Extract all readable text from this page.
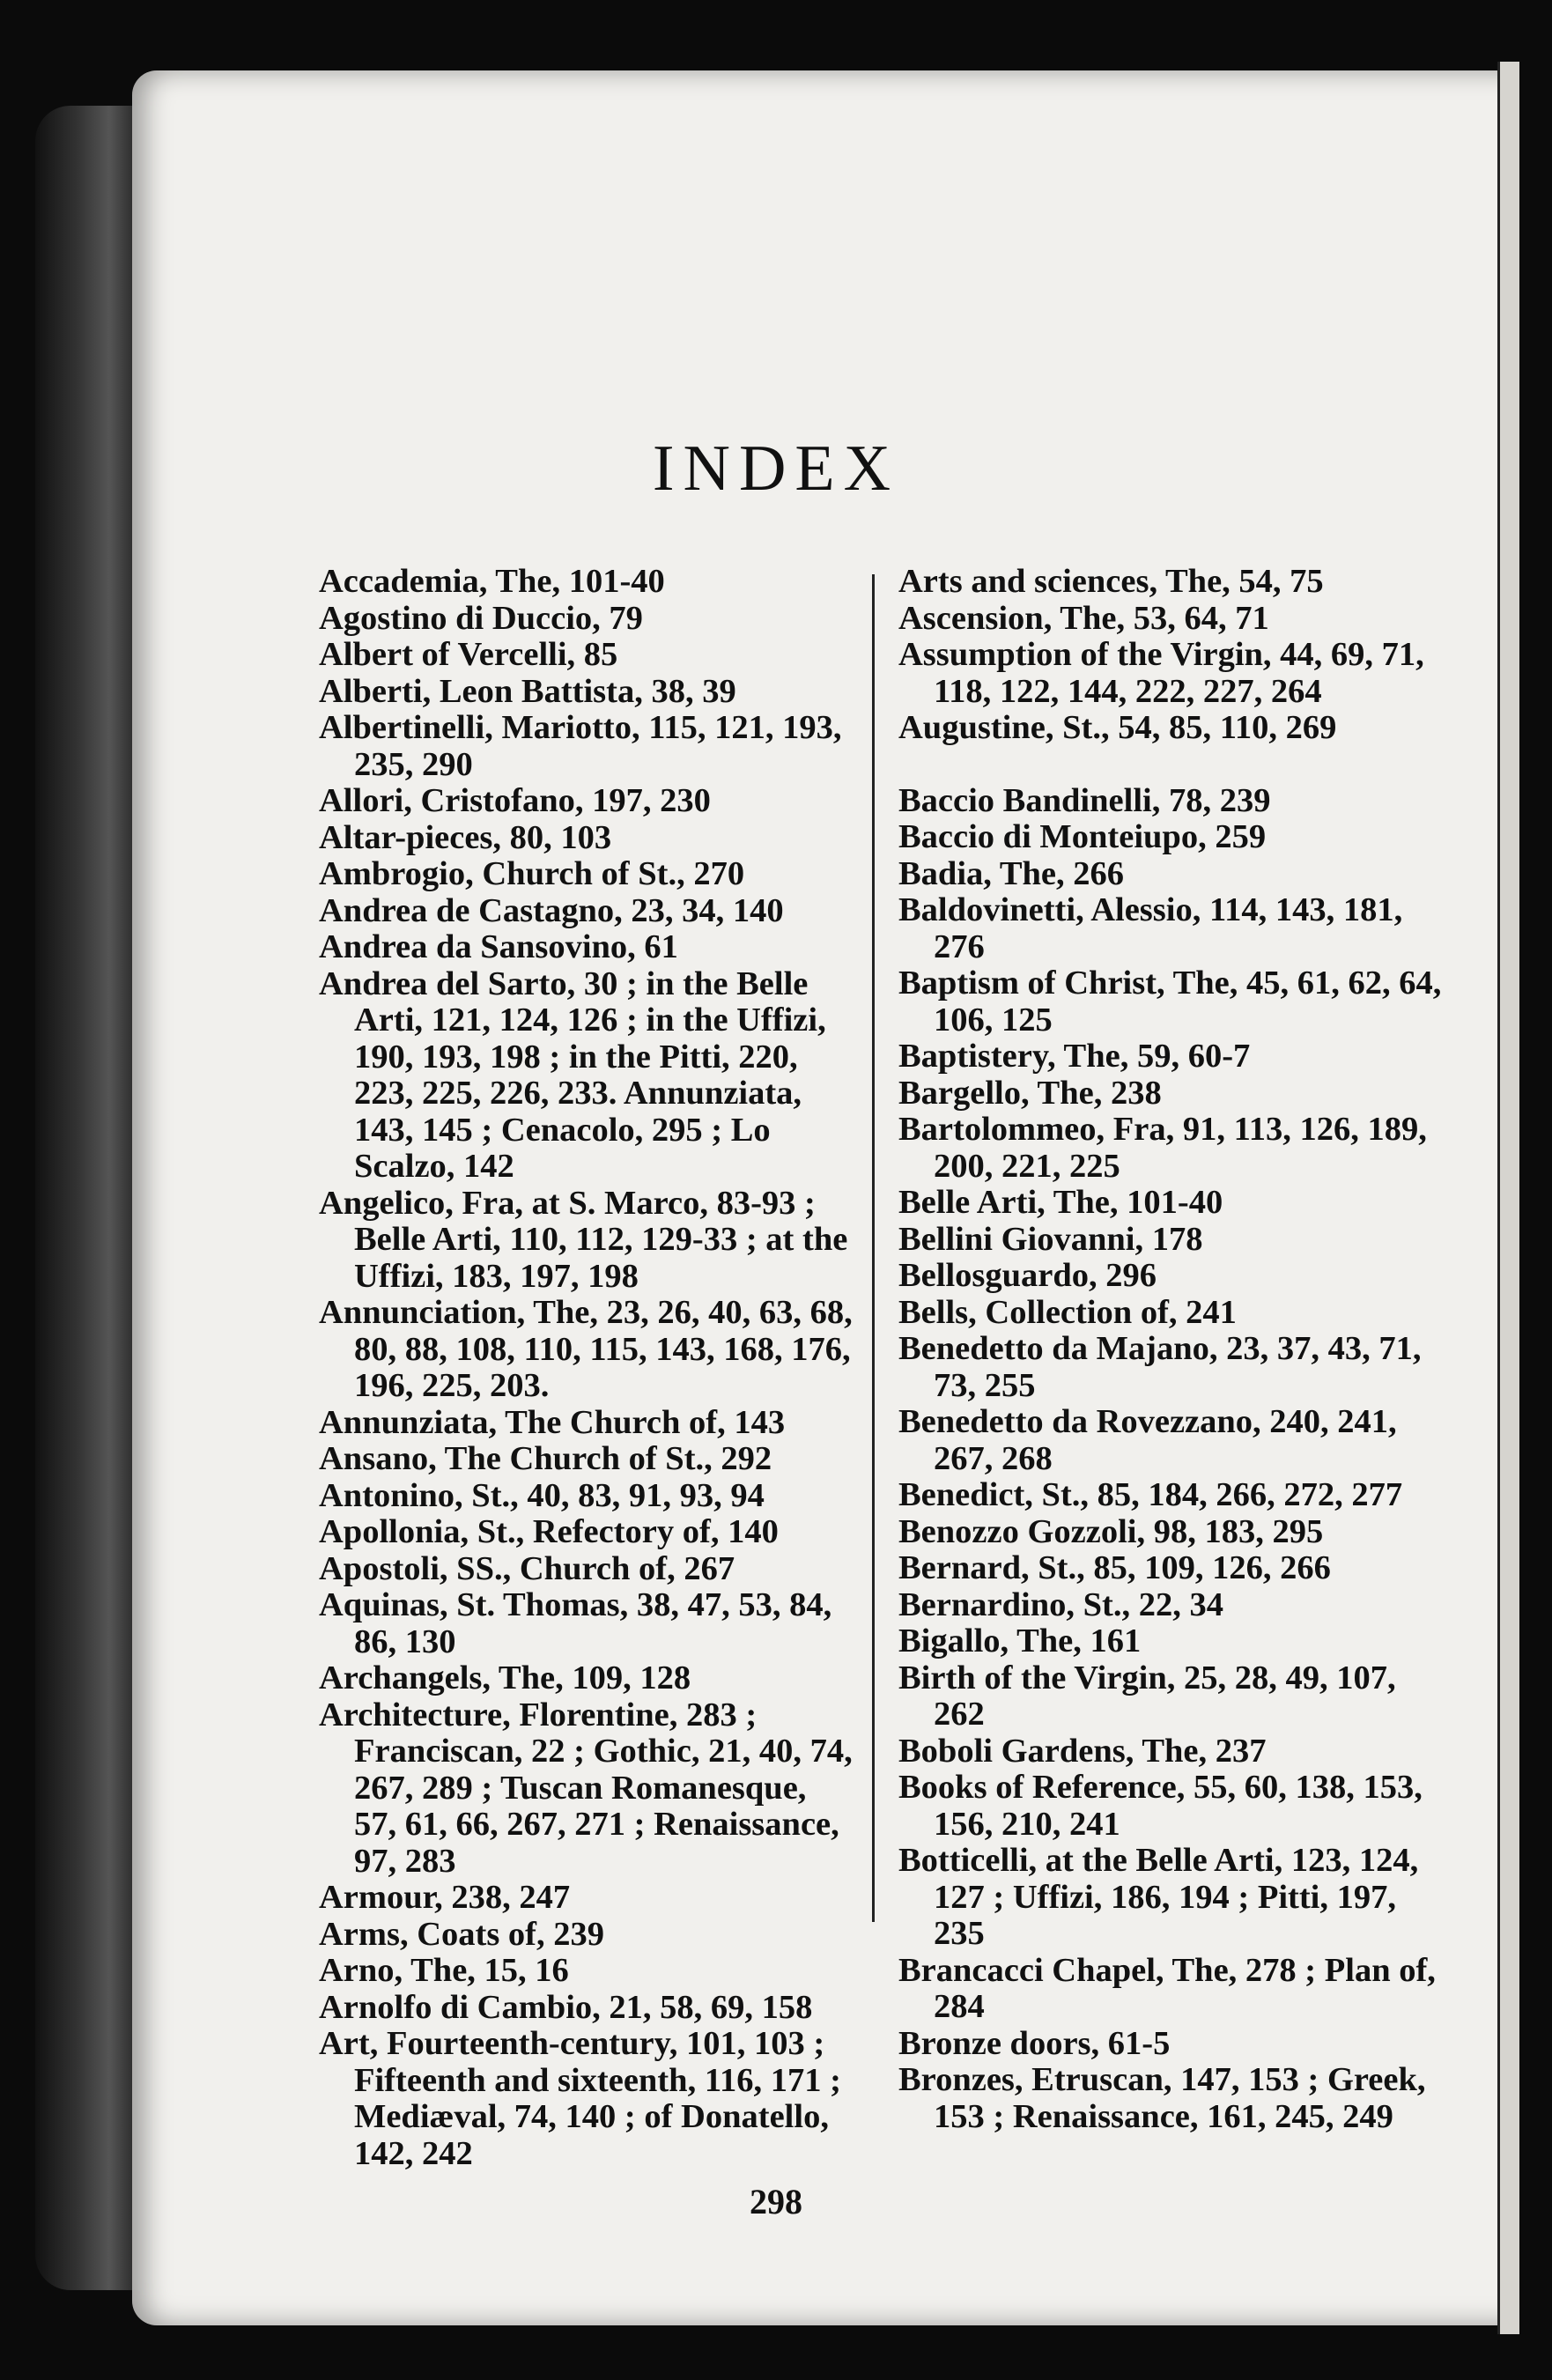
INDEX

Accademia, The, 101-40

Agostino di Duccio, 79

Albert of Vercelli, 85

Alberti, Leon Battista, 38, 39

Albertinelli, Mariotto, 115, 121, 193, 235, 290

Allori, Cristofano, 197, 230

Altar-pieces, 80, 103

Ambrogio, Church of St., 270

Andrea de Castagno, 23, 34, 140

Andrea da Sansovino, 61

Andrea del Sarto, 30 ; in the Belle Arti, 121, 124, 126 ; in the Uffizi, 190, 193, 198 ; in the Pitti, 220, 223, 225, 226, 233. Annunziata, 143, 145 ; Cenacolo, 295 ; Lo Scalzo, 142

Angelico, Fra, at S. Marco, 83-93 ; Belle Arti, 110, 112, 129-33 ; at the Uffizi, 183, 197, 198

Annunciation, The, 23, 26, 40, 63, 68, 80, 88, 108, 110, 115, 143, 168, 176, 196, 225, 203.

Annunziata, The Church of, 143

Ansano, The Church of St., 292

Antonino, St., 40, 83, 91, 93, 94

Apollonia, St., Refectory of, 140

Apostoli, SS., Church of, 267

Aquinas, St. Thomas, 38, 47, 53, 84, 86, 130

Archangels, The, 109, 128

Architecture, Florentine, 283 ; Franciscan, 22 ; Gothic, 21, 40, 74, 267, 289 ; Tuscan Romanesque, 57, 61, 66, 267, 271 ; Renaissance, 97, 283

Armour, 238, 247

Arms, Coats of, 239

Arno, The, 15, 16

Arnolfo di Cambio, 21, 58, 69, 158

Art, Fourteenth-century, 101, 103 ; Fifteenth and sixteenth, 116, 171 ; Mediæval, 74, 140 ; of Donatello, 142, 242

Arts and sciences, The, 54, 75

Ascension, The, 53, 64, 71

Assumption of the Virgin, 44, 69, 71, 118, 122, 144, 222, 227, 264

Augustine, St., 54, 85, 110, 269

Baccio Bandinelli, 78, 239

Baccio di Monteiupo, 259

Badia, The, 266

Baldovinetti, Alessio, 114, 143, 181, 276

Baptism of Christ, The, 45, 61, 62, 64, 106, 125

Baptistery, The, 59, 60-7

Bargello, The, 238

Bartolommeo, Fra, 91, 113, 126, 189, 200, 221, 225

Belle Arti, The, 101-40

Bellini Giovanni, 178

Bellosguardo, 296

Bells, Collection of, 241

Benedetto da Majano, 23, 37, 43, 71, 73, 255

Benedetto da Rovezzano, 240, 241, 267, 268

Benedict, St., 85, 184, 266, 272, 277

Benozzo Gozzoli, 98, 183, 295

Bernard, St., 85, 109, 126, 266

Bernardino, St., 22, 34

Bigallo, The, 161

Birth of the Virgin, 25, 28, 49, 107, 262

Boboli Gardens, The, 237

Books of Reference, 55, 60, 138, 153, 156, 210, 241

Botticelli, at the Belle Arti, 123, 124, 127 ; Uffizi, 186, 194 ; Pitti, 197, 235

Brancacci Chapel, The, 278 ; Plan of, 284

Bronze doors, 61-5

Bronzes, Etruscan, 147, 153 ; Greek, 153 ; Renaissance, 161, 245, 249

298
